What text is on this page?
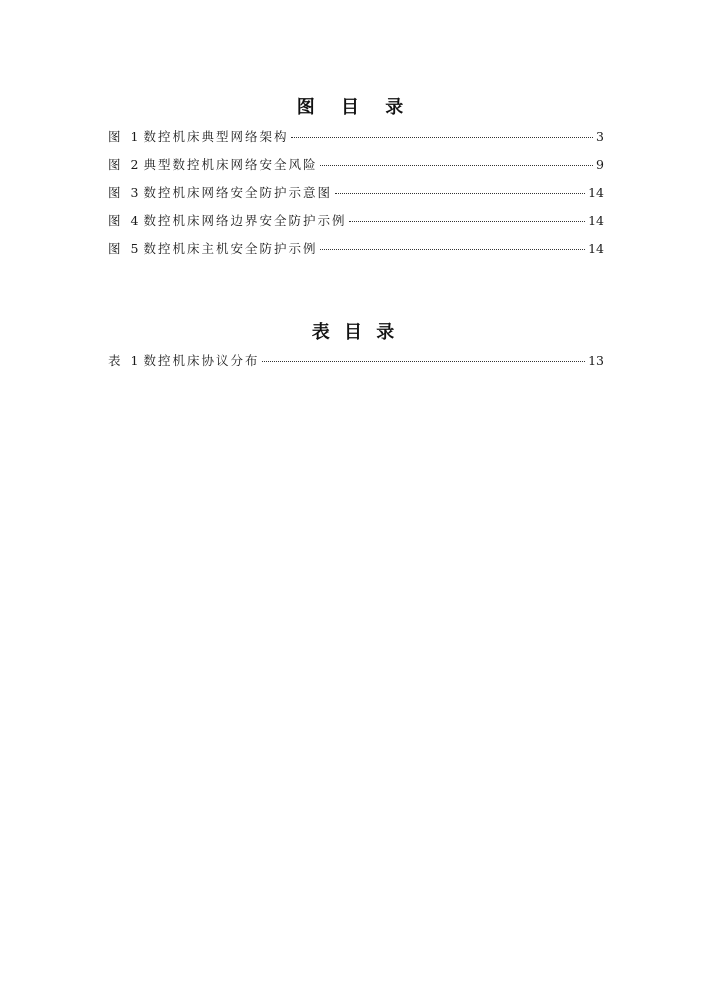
图 目 录
图 1 数控机床典型网络架构	3
图 2 典型数控机床网络安全风险	9
图 3 数控机床网络安全防护示意图	14
图 4 数控机床网络边界安全防护示例	14
图 5 数控机床主机安全防护示例	14
表 目 录
表 1 数控机床协议分布	13
